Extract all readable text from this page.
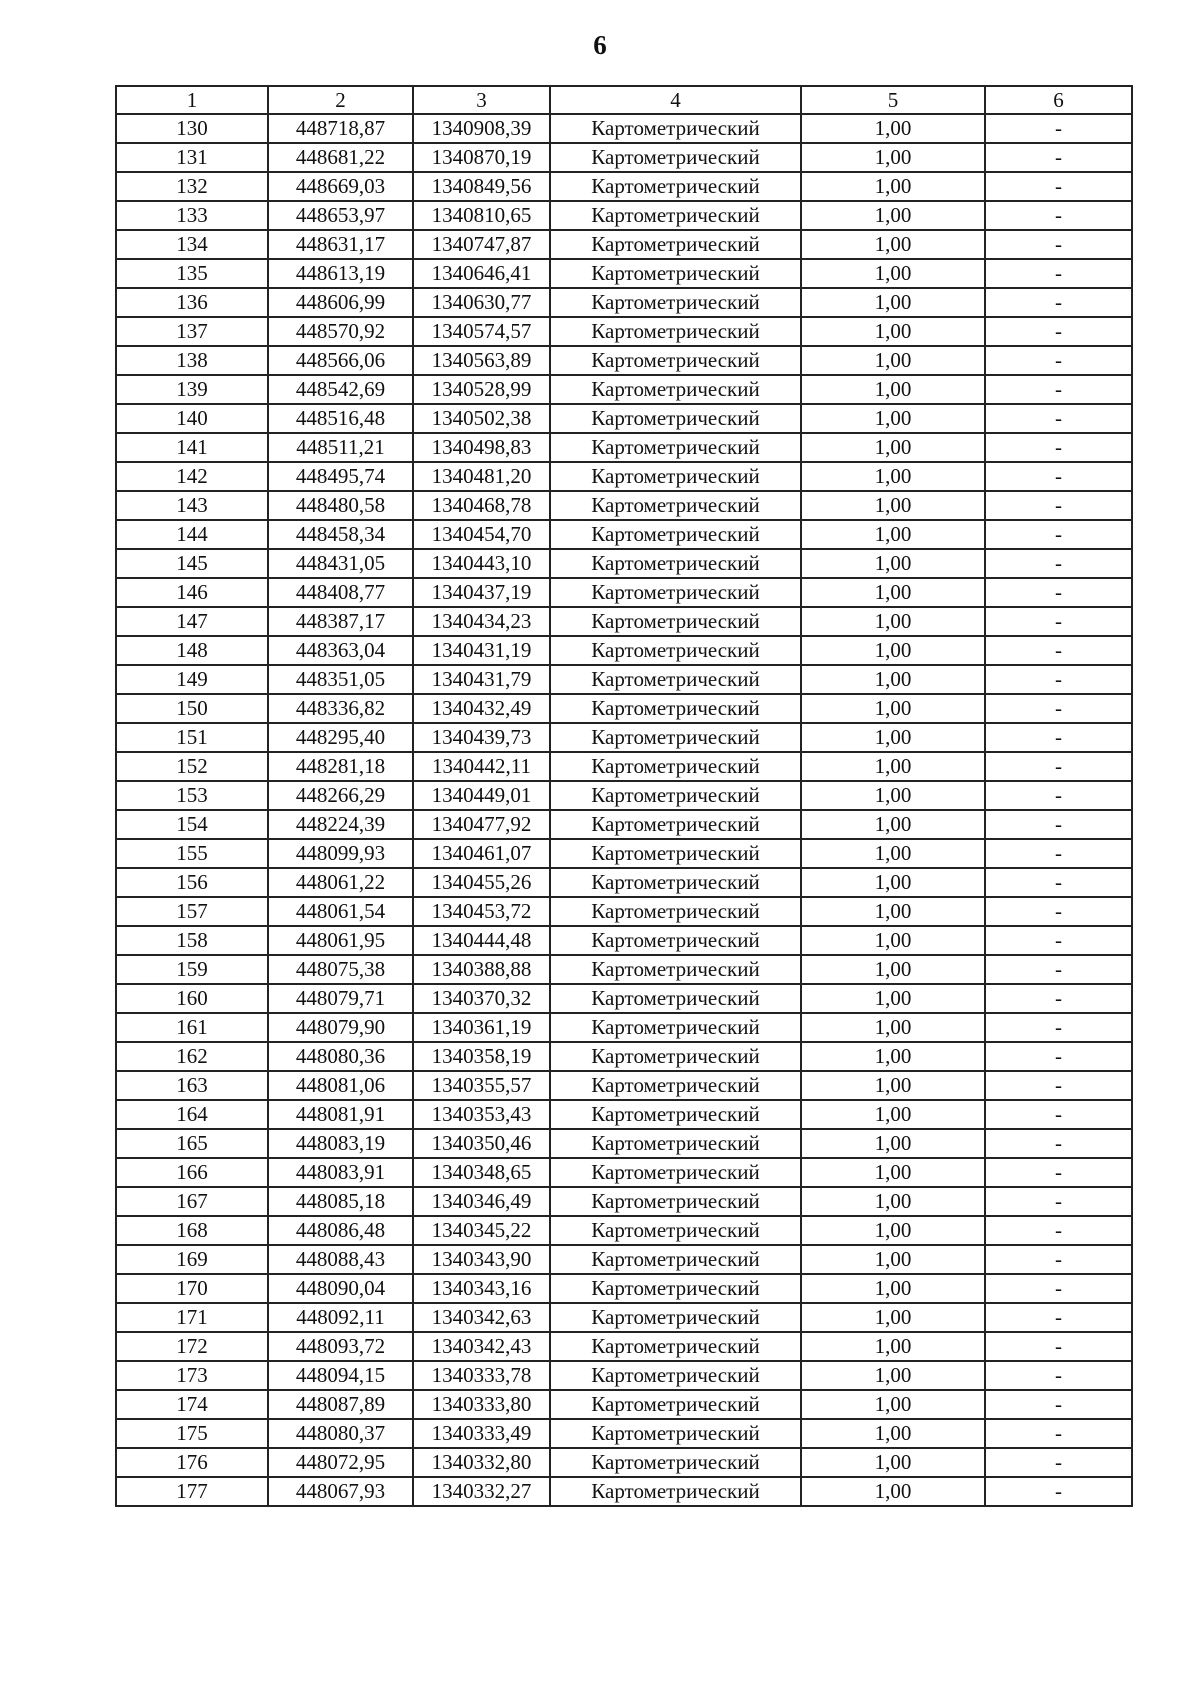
6
1	2	3	4	5	6
130	448718,87	1340908,39	Картометрический	1,00	-
131	448681,22	1340870,19	Картометрический	1,00	-
132	448669,03	1340849,56	Картометрический	1,00	-
133	448653,97	1340810,65	Картометрический	1,00	-
134	448631,17	1340747,87	Картометрический	1,00	-
135	448613,19	1340646,41	Картометрический	1,00	-
136	448606,99	1340630,77	Картометрический	1,00	-
137	448570,92	1340574,57	Картометрический	1,00	-
138	448566,06	1340563,89	Картометрический	1,00	-
139	448542,69	1340528,99	Картометрический	1,00	-
140	448516,48	1340502,38	Картометрический	1,00	-
141	448511,21	1340498,83	Картометрический	1,00	-
142	448495,74	1340481,20	Картометрический	1,00	-
143	448480,58	1340468,78	Картометрический	1,00	-
144	448458,34	1340454,70	Картометрический	1,00	-
145	448431,05	1340443,10	Картометрический	1,00	-
146	448408,77	1340437,19	Картометрический	1,00	-
147	448387,17	1340434,23	Картометрический	1,00	-
148	448363,04	1340431,19	Картометрический	1,00	-
149	448351,05	1340431,79	Картометрический	1,00	-
150	448336,82	1340432,49	Картометрический	1,00	-
151	448295,40	1340439,73	Картометрический	1,00	-
152	448281,18	1340442,11	Картометрический	1,00	-
153	448266,29	1340449,01	Картометрический	1,00	-
154	448224,39	1340477,92	Картометрический	1,00	-
155	448099,93	1340461,07	Картометрический	1,00	-
156	448061,22	1340455,26	Картометрический	1,00	-
157	448061,54	1340453,72	Картометрический	1,00	-
158	448061,95	1340444,48	Картометрический	1,00	-
159	448075,38	1340388,88	Картометрический	1,00	-
160	448079,71	1340370,32	Картометрический	1,00	-
161	448079,90	1340361,19	Картометрический	1,00	-
162	448080,36	1340358,19	Картометрический	1,00	-
163	448081,06	1340355,57	Картометрический	1,00	-
164	448081,91	1340353,43	Картометрический	1,00	-
165	448083,19	1340350,46	Картометрический	1,00	-
166	448083,91	1340348,65	Картометрический	1,00	-
167	448085,18	1340346,49	Картометрический	1,00	-
168	448086,48	1340345,22	Картометрический	1,00	-
169	448088,43	1340343,90	Картометрический	1,00	-
170	448090,04	1340343,16	Картометрический	1,00	-
171	448092,11	1340342,63	Картометрический	1,00	-
172	448093,72	1340342,43	Картометрический	1,00	-
173	448094,15	1340333,78	Картометрический	1,00	-
174	448087,89	1340333,80	Картометрический	1,00	-
175	448080,37	1340333,49	Картометрический	1,00	-
176	448072,95	1340332,80	Картометрический	1,00	-
177	448067,93	1340332,27	Картометрический	1,00	-
